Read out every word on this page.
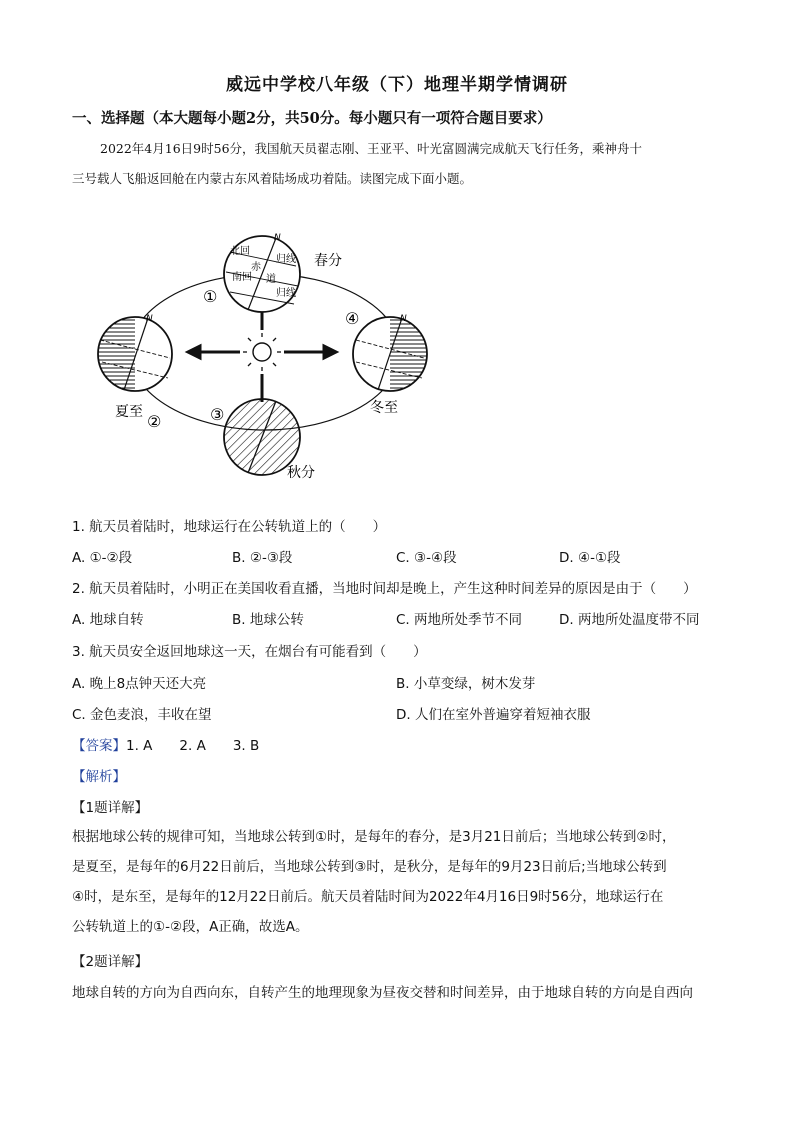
威远中学校八年级（下）地理半期学情调研
一、选择题（本大题每小题2分，共50分。每小题只有一项符合题目要求）
2022年4月16日9时56分，我国航天员翟志刚、王亚平、叶光富圆满完成航天飞行任务，乘神舟十
三号载人飞船返回舱在内蒙古东风着陆场成功着陆。读图完成下面小题。
北回
归线
赤
道
南回
归线
N
N	N
春分
夏至	冬至
秋分
①
②	③
④
1. 航天员着陆时，地球运行在公转轨道上的（　　）
A. ①-②段	B. ②-③段	C. ③-④段	D. ④-①段
2. 航天员着陆时，小明正在美国收看直播，当地时间却是晚上，产生这种时间差异的原因是由于（　　）
A. 地球自转	B. 地球公转	C. 两地所处季节不同	D. 两地所处温度带不同
3. 航天员安全返回地球这一天，在烟台有可能看到（　　）
A. 晚上8点钟天还大亮	B. 小草变绿，树木发芽
C. 金色麦浪，丰收在望	D. 人们在室外普遍穿着短袖衣服
【答案】1. A　　2. A　　3. B
【解析】
【1题详解】
根据地球公转的规律可知，当地球公转到①时，是每年的春分，是3月21日前后；当地球公转到②时，
是夏至，是每年的6月22日前后，当地球公转到③时，是秋分，是每年的9月23日前后;当地球公转到
④时，是东至，是每年的12月22日前后。航天员着陆时间为2022年4月16日9时56分，地球运行在
公转轨道上的①-②段，A正确，故选A。
【2题详解】
地球自转的方向为自西向东，自转产生的地理现象为昼夜交替和时间差异，由于地球自转的方向是自西向
